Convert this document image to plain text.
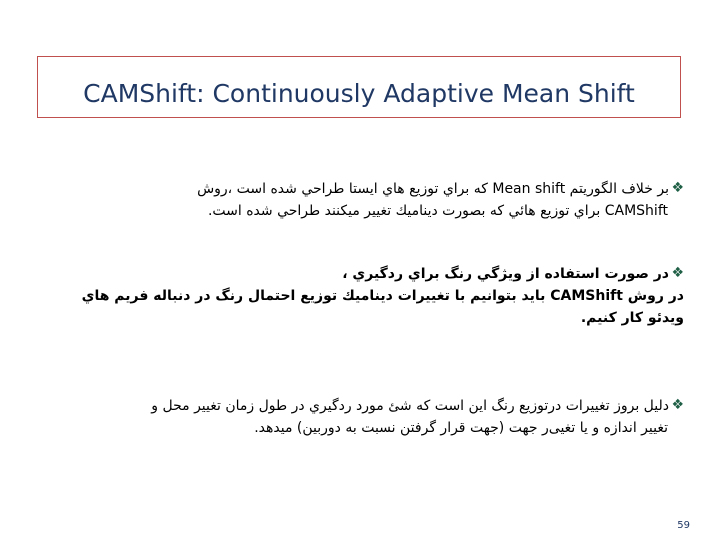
CAMShift: Continuously Adaptive Mean Shift
❖بر خلاف الگوريتم Mean shift كه براي توزيع هاي ايستا طراحي شده است ،روش
CAMShift براي توزيع هائي كه بصورت ديناميك تغيير ميكنند طراحي شده است.
❖در صورت استفاده از ويژگي رنگ براي ردگيري ،
در روش CAMShift بايد بتوانيم با تغييرات ديناميك توزيع احتمال رنگ در دنباله فريم هاي
ويدئو كار كنيم.
❖دليل بروز تغييرات درتوزيع رنگ اين است كه شئ مورد ردگيري در طول زمان تغيير محل و
تغيير اندازه و يا تغیی‌ر جهت (جهت قرار گرفتن نسبت به دوربين) ميدهد.
59
